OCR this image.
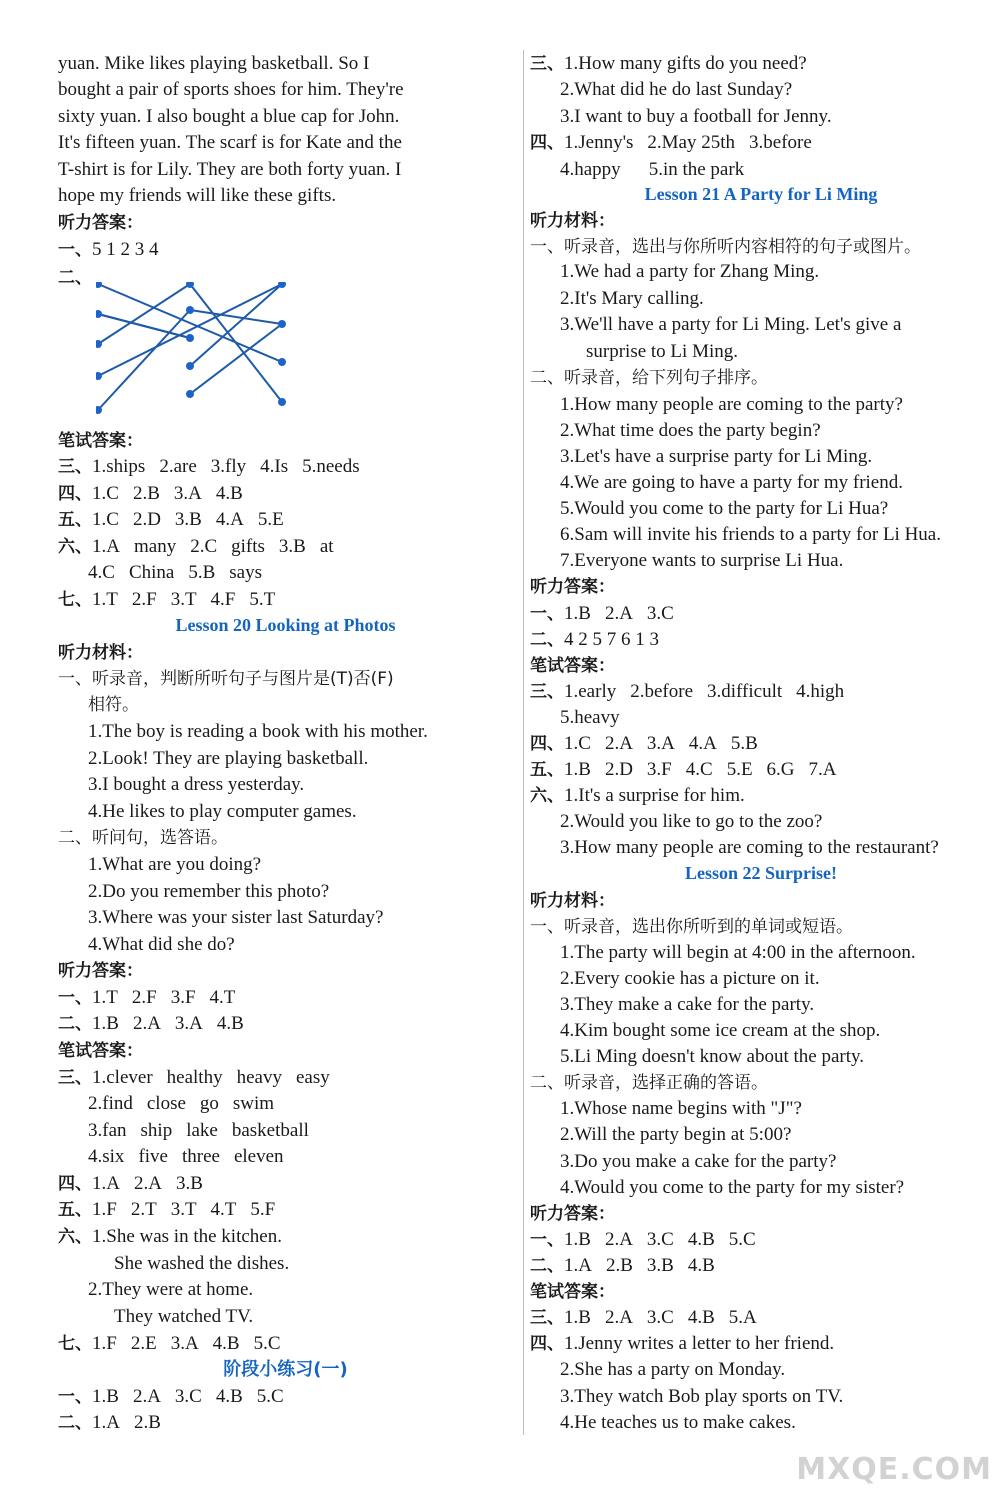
yuan. Mike likes playing basketball. So I
bought a pair of sports shoes for him. They're
sixty yuan. I also bought a blue cap for John.
It's fifteen yuan. The scarf is for Kate and the
T-shirt is for Lily. They are both forty yuan. I
hope my friends will like these gifts.
听力答案：
一、5 1 2 3 4
二、
笔试答案：
三、1.ships 2.are 3.fly 4.Is 5.needs
四、1.C 2.B 3.A 4.B
五、1.C 2.D 3.B 4.A 5.E
六、1.A many 2.C gifts 3.B at
4.C China 5.B says
七、1.T 2.F 3.T 4.F 5.T
Lesson 20 Looking at Photos
听力材料：
一、听录音，判断所听句子与图片是(T)否(F)
相符。
1.The boy is reading a book with his mother.
2.Look! They are playing basketball.
3.I bought a dress yesterday.
4.He likes to play computer games.
二、听问句，选答语。
1.What are you doing?
2.Do you remember this photo?
3.Where was your sister last Saturday?
4.What did she do?
听力答案：
一、1.T 2.F 3.F 4.T
二、1.B 2.A 3.A 4.B
笔试答案：
三、1.clever healthy heavy easy
2.find close go swim
3.fan ship lake basketball
4.six five three eleven
四、1.A 2.A 3.B
五、1.F 2.T 3.T 4.T 5.F
六、1.She was in the kitchen.
She washed the dishes.
2.They were at home.
They watched TV.
七、1.F 2.E 3.A 4.B 5.C
阶段小练习(一)
一、1.B 2.A 3.C 4.B 5.C
二、1.A 2.B
三、1.How many gifts do you need?
2.What did he do last Sunday?
3.I want to buy a football for Jenny.
四、1.Jenny's 2.May 25th 3.before
4.happy 5.in the park
Lesson 21 A Party for Li Ming
听力材料：
一、听录音，选出与你所听内容相符的句子或图片。
1.We had a party for Zhang Ming.
2.It's Mary calling.
3.We'll have a party for Li Ming. Let's give a
surprise to Li Ming.
二、听录音，给下列句子排序。
1.How many people are coming to the party?
2.What time does the party begin?
3.Let's have a surprise party for Li Ming.
4.We are going to have a party for my friend.
5.Would you come to the party for Li Hua?
6.Sam will invite his friends to a party for Li Hua.
7.Everyone wants to surprise Li Hua.
听力答案：
一、1.B 2.A 3.C
二、4 2 5 7 6 1 3
笔试答案：
三、1.early 2.before 3.difficult 4.high
5.heavy
四、1.C 2.A 3.A 4.A 5.B
五、1.B 2.D 3.F 4.C 5.E 6.G 7.A
六、1.It's a surprise for him.
2.Would you like to go to the zoo?
3.How many people are coming to the restaurant?
Lesson 22 Surprise!
听力材料：
一、听录音，选出你所听到的单词或短语。
1.The party will begin at 4:00 in the afternoon.
2.Every cookie has a picture on it.
3.They make a cake for the party.
4.Kim bought some ice cream at the shop.
5.Li Ming doesn't know about the party.
二、听录音，选择正确的答语。
1.Whose name begins with "J"?
2.Will the party begin at 5:00?
3.Do you make a cake for the party?
4.Would you come to the party for my sister?
听力答案：
一、1.B 2.A 3.C 4.B 5.C
二、1.A 2.B 3.B 4.B
笔试答案：
三、1.B 2.A 3.C 4.B 5.A
四、1.Jenny writes a letter to her friend.
2.She has a party on Monday.
3.They watch Bob play sports on TV.
4.He teaches us to make cakes.
MXQE.COM
